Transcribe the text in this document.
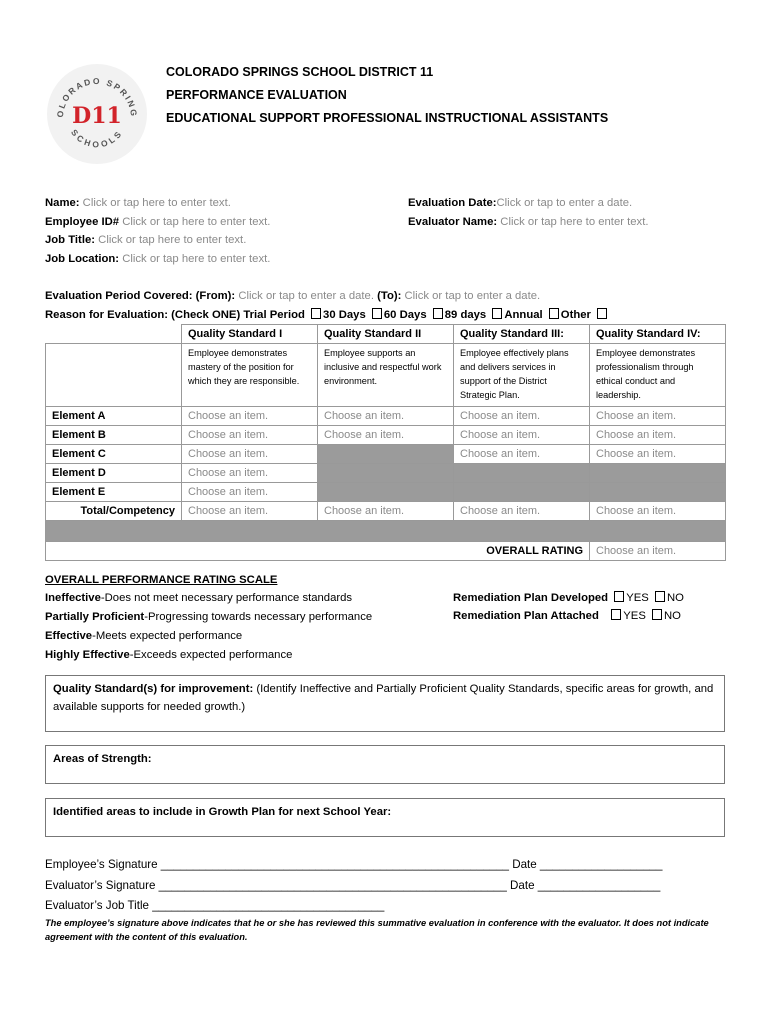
OLORADO SPRING
SCHOOLS
D11
COLORADO SPRINGS SCHOOL DISTRICT 11
PERFORMANCE EVALUATION
EDUCATIONAL SUPPORT PROFESSIONAL INSTRUCTIONAL ASSISTANTS
Name: Click or tap here to enter text.
Employee ID# Click or tap here to enter text.
Job Title: Click or tap here to enter text.
Job Location: Click or tap here to enter text.
Evaluation Date:Click or tap to enter a date.
Evaluator Name: Click or tap here to enter text.
Evaluation Period Covered: (From): Click or tap to enter a date. (To): Click or tap to enter a date.
Reason for Evaluation: (Check ONE) Trial Period 30 Days 60 Days 89 days Annual Other
	Quality Standard I	Quality Standard II	Quality Standard III:	Quality Standard IV:
	Employee demonstrates mastery of the position for which they are responsible.	Employee supports an inclusive and respectful work environment.	Employee effectively plans and delivers services in support of the District Strategic Plan.	Employee demonstrates professionalism through ethical conduct and leadership.
Element A	Choose an item.	Choose an item.	Choose an item.	Choose an item.
Element B	Choose an item.	Choose an item.	Choose an item.	Choose an item.
Element C	Choose an item.		Choose an item.	Choose an item.
Element D	Choose an item.			
Element E	Choose an item.			
Total/Competency	Choose an item.	Choose an item.	Choose an item.	Choose an item.

OVERALL RATING				Choose an item.
OVERALL PERFORMANCE RATING SCALE
Ineffective-Does not meet necessary performance standards
Partially Proficient-Progressing towards necessary performance
Effective-Meets expected performance
Highly Effective-Exceeds expected performance
Remediation Plan Developed YES NO
Remediation Plan Attached YES NO
Quality Standard(s) for improvement: (Identify Ineffective and Partially Proficient Quality Standards, specific areas for growth, and available supports for needed growth.)
Areas of Strength:
Identified areas to include in Growth Plan for next School Year:
Employee’s Signature ______________________________________________________ Date ___________________
Evaluator’s Signature ______________________________________________________ Date ___________________
Evaluator’s Job Title ____________________________________
The employee’s signature above indicates that he or she has reviewed this summative evaluation in conference with the evaluator. It does not indicate agreement with the content of this evaluation.
